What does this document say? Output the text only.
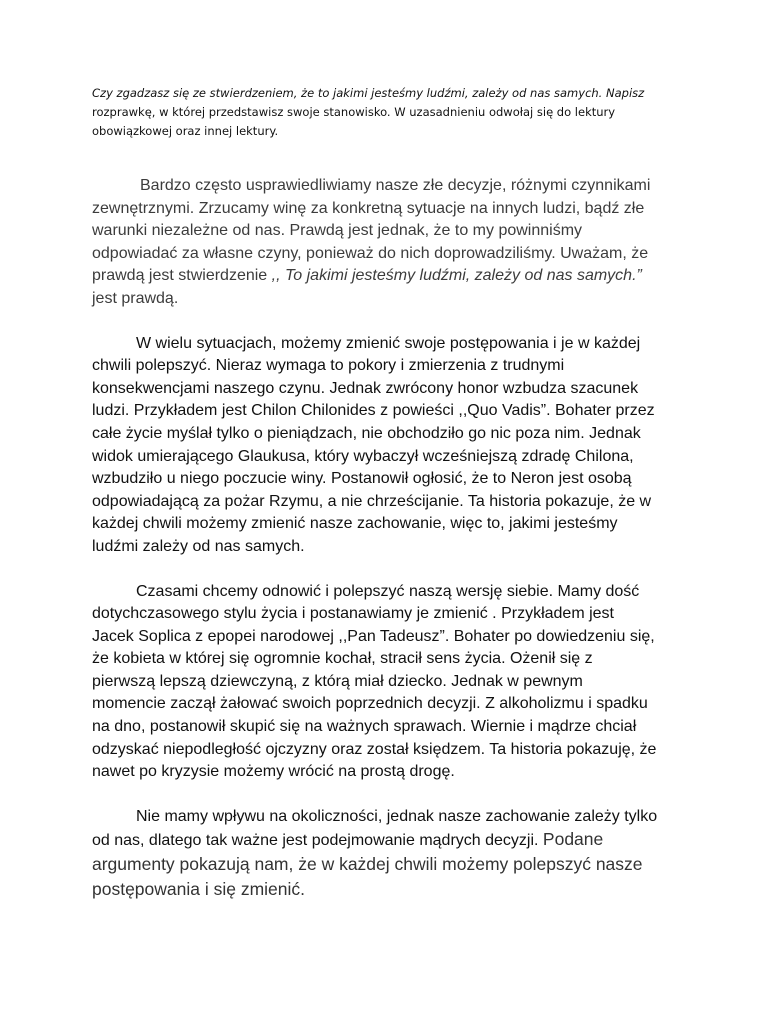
Czy zgadzasz się ze stwierdzeniem, że to jakimi jesteśmy ludźmi, zależy od nas samych. Napisz rozprawkę, w której przedstawisz swoje stanowisko. W uzasadnieniu odwołaj się do lektury obowiązkowej oraz innej lektury.

Bardzo często usprawiedliwiamy nasze złe decyzje, różnymi czynnikami zewnętrznymi. Zrzucamy winę za konkretną sytuacje na innych ludzi, bądź złe warunki niezależne od nas. Prawdą jest jednak, że to my powinniśmy odpowiadać za własne czyny, ponieważ do nich doprowadziliśmy. Uważam, że prawdą jest stwierdzenie ,, To jakimi jesteśmy ludźmi, zależy od nas samych.” jest prawdą.

W wielu sytuacjach, możemy zmienić swoje postępowania i je w każdej chwili polepszyć. Nieraz wymaga to pokory i zmierzenia z trudnymi konsekwencjami naszego czynu. Jednak zwrócony honor wzbudza szacunek ludzi. Przykładem jest Chilon Chilonides z powieści ,,Quo Vadis”. Bohater przez całe życie myślał tylko o pieniądzach, nie obchodziło go nic poza nim. Jednak widok umierającego Glaukusa, który wybaczył wcześniejszą zdradę Chilona, wzbudziło u niego poczucie winy. Postanowił ogłosić, że to Neron jest osobą odpowiadającą za pożar Rzymu, a nie chrześcijanie. Ta historia pokazuje, że w każdej chwili możemy zmienić nasze zachowanie, więc to, jakimi jesteśmy ludźmi zależy od nas samych.

Czasami chcemy odnowić i polepszyć naszą wersję siebie. Mamy dość dotychczasowego stylu życia i postanawiamy je zmienić . Przykładem jest Jacek Soplica z epopei narodowej ,,Pan Tadeusz”. Bohater po dowiedzeniu się, że kobieta w której się ogromnie kochał, stracił sens życia. Ożenił się z pierwszą lepszą dziewczyną, z którą miał dziecko. Jednak w pewnym momencie zaczął żałować swoich poprzednich decyzji. Z alkoholizmu i spadku na dno, postanowił skupić się na ważnych sprawach. Wiernie i mądrze chciał odzyskać niepodległość ojczyzny oraz został księdzem. Ta historia pokazuję, że nawet po kryzysie możemy wrócić na prostą drogę.

Nie mamy wpływu na okoliczności, jednak nasze zachowanie zależy tylko od nas, dlatego tak ważne jest podejmowanie mądrych decyzji. Podane argumenty pokazują nam, że w każdej chwili możemy polepszyć nasze postępowania i się zmienić.
